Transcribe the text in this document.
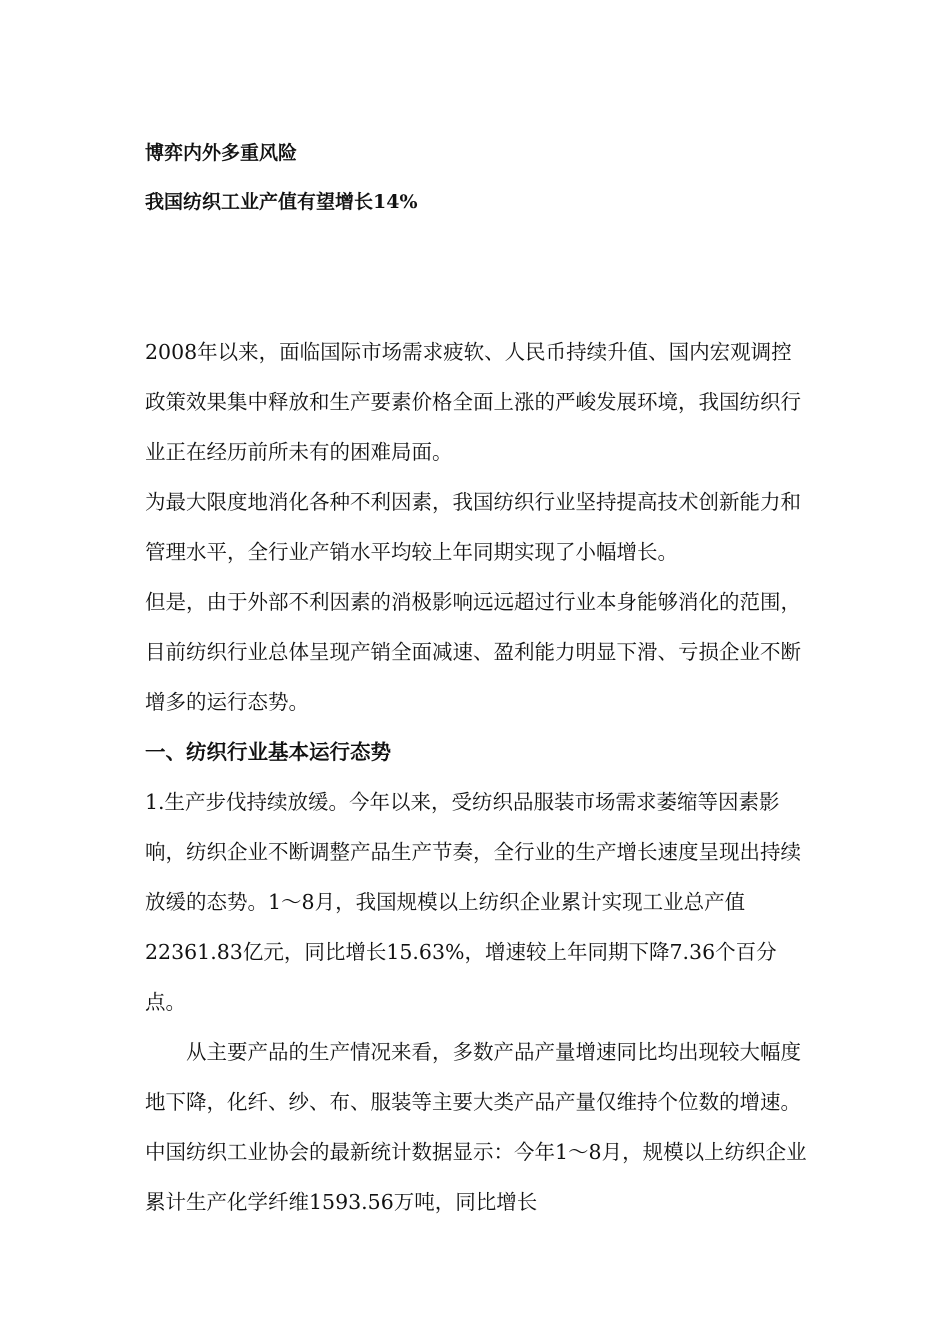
博弈内外多重风险
我国纺织工业产值有望增长14%

2008年以来，面临国际市场需求疲软、人民币持续升值、国内宏观调控政策效果集中释放和生产要素价格全面上涨的严峻发展环境，我国纺织行业正在经历前所未有的困难局面。

为最大限度地消化各种不利因素，我国纺织行业坚持提高技术创新能力和管理水平，全行业产销水平均较上年同期实现了小幅增长。

但是，由于外部不利因素的消极影响远远超过行业本身能够消化的范围，目前纺织行业总体呈现产销全面减速、盈利能力明显下滑、亏损企业不断增多的运行态势。

一、纺织行业基本运行态势

1.生产步伐持续放缓。今年以来，受纺织品服装市场需求萎缩等因素影响，纺织企业不断调整产品生产节奏，全行业的生产增长速度呈现出持续放缓的态势。1～8月，我国规模以上纺织企业累计实现工业总产值22361.83亿元，同比增长15.63%，增速较上年同期下降7.36个百分点。

从主要产品的生产情况来看，多数产品产量增速同比均出现较大幅度地下降，化纤、纱、布、服装等主要大类产品产量仅维持个位数的增速。中国纺织工业协会的最新统计数据显示：今年1～8月，规模以上纺织企业累计生产化学纤维1593.56万吨，同比增长
